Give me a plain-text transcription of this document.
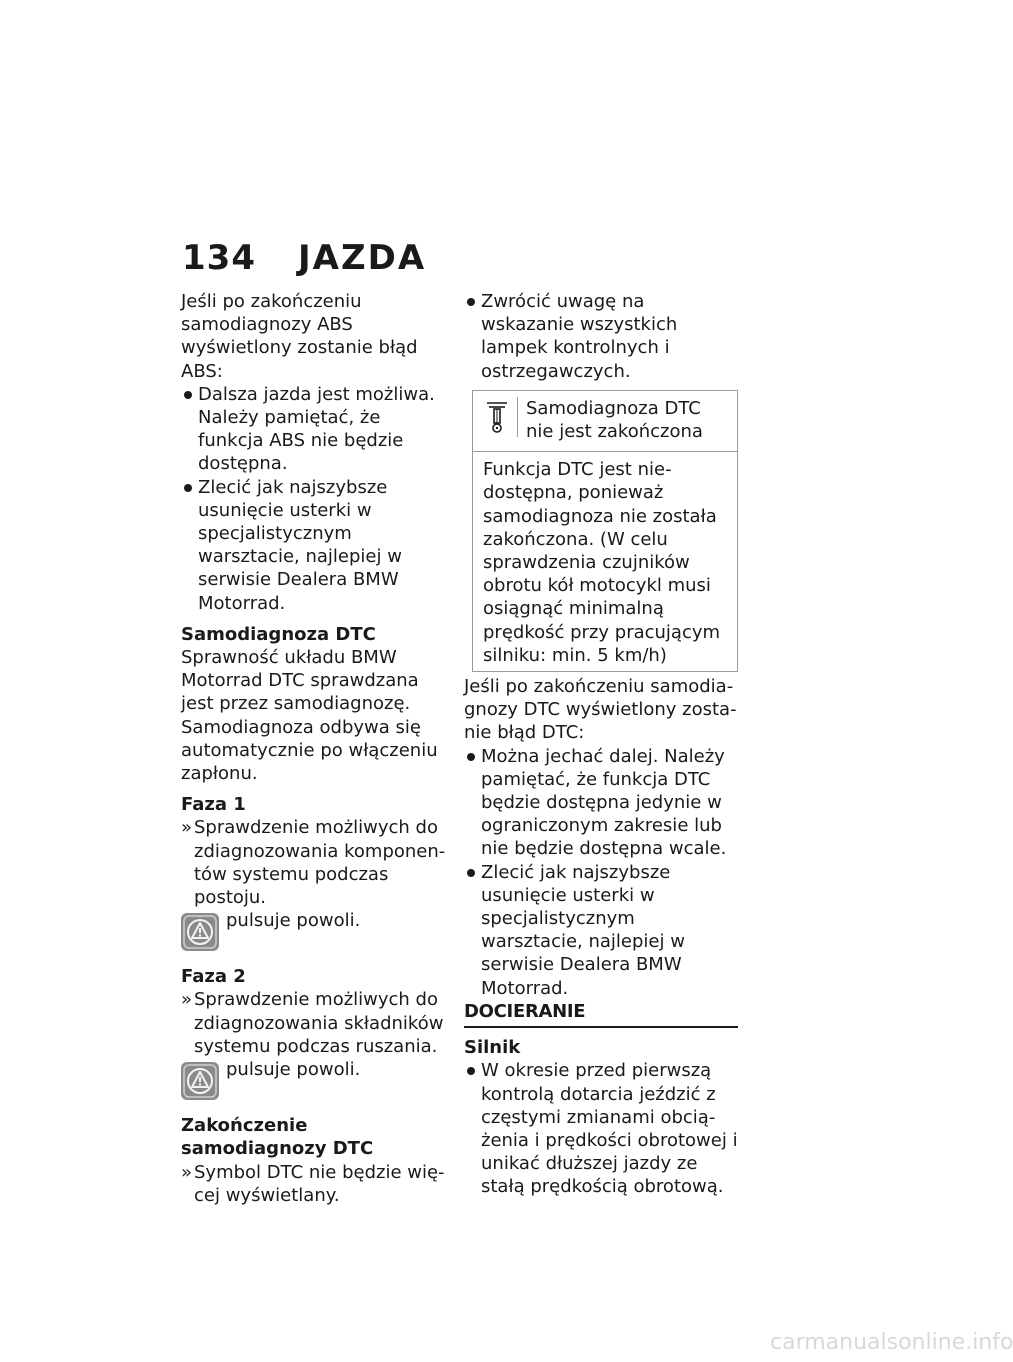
134 JAZDA

Jeśli po zakończeniu samodiagnozy ABS wyświetlony zostanie błąd ABS:

Dalsza jazda jest możliwa. Należy pamiętać, że funkcja ABS nie będzie dostępna.
Zlecić jak najszybsze usunięcie usterki w specjalistycznym warsztacie, najlepiej w serwisie Dealera BMW Motorrad.

Samodiagnoza DTC

Sprawność układu BMW Motorrad DTC sprawdzana jest przez samodiagnozę. Samodiagnoza odbywa się automatycznie po włączeniu zapłonu.

Faza 1

» Sprawdzenie możliwych do zdiagnozowania komponentów systemu podczas postoju.
pulsuje powoli.

Faza 2

» Sprawdzenie możliwych do zdiagnozowania składników systemu podczas ruszania.
pulsuje powoli.

Zakończenie samodiagnozy DTC

» Symbol DTC nie będzie więcej wyświetlany.
Zwrócić uwagę na wskazanie wszystkich lampek kontrolnych i ostrzegawczych.
Samodiagnoza DTC nie jest zakończona
Funkcja DTC jest niedostępna, ponieważ samodiagnoza nie została zakończona. (W celu sprawdzenia czujników obrotu kół motocykl musi osiągnąć minimalną prędkość przy pracującym silniku: min. 5 km/h)

Jeśli po zakończeniu samodiagnozy DTC wyświetlony zostanie błąd DTC:

Można jechać dalej. Należy pamiętać, że funkcja DTC będzie dostępna jedynie w ograniczonym zakresie lub nie będzie dostępna wcale.
Zlecić jak najszybsze usunięcie usterki w specjalistycznym warsztacie, najlepiej w serwisie Dealera BMW Motorrad.

DOCIERANIE

Silnik

W okresie przed pierwszą kontrolą dotarcia jeździć z częstymi zmianami obciążenia i prędkości obrotowej i unikać dłuższej jazdy ze stałą prędkością obrotową.
carmanualsonline.info
